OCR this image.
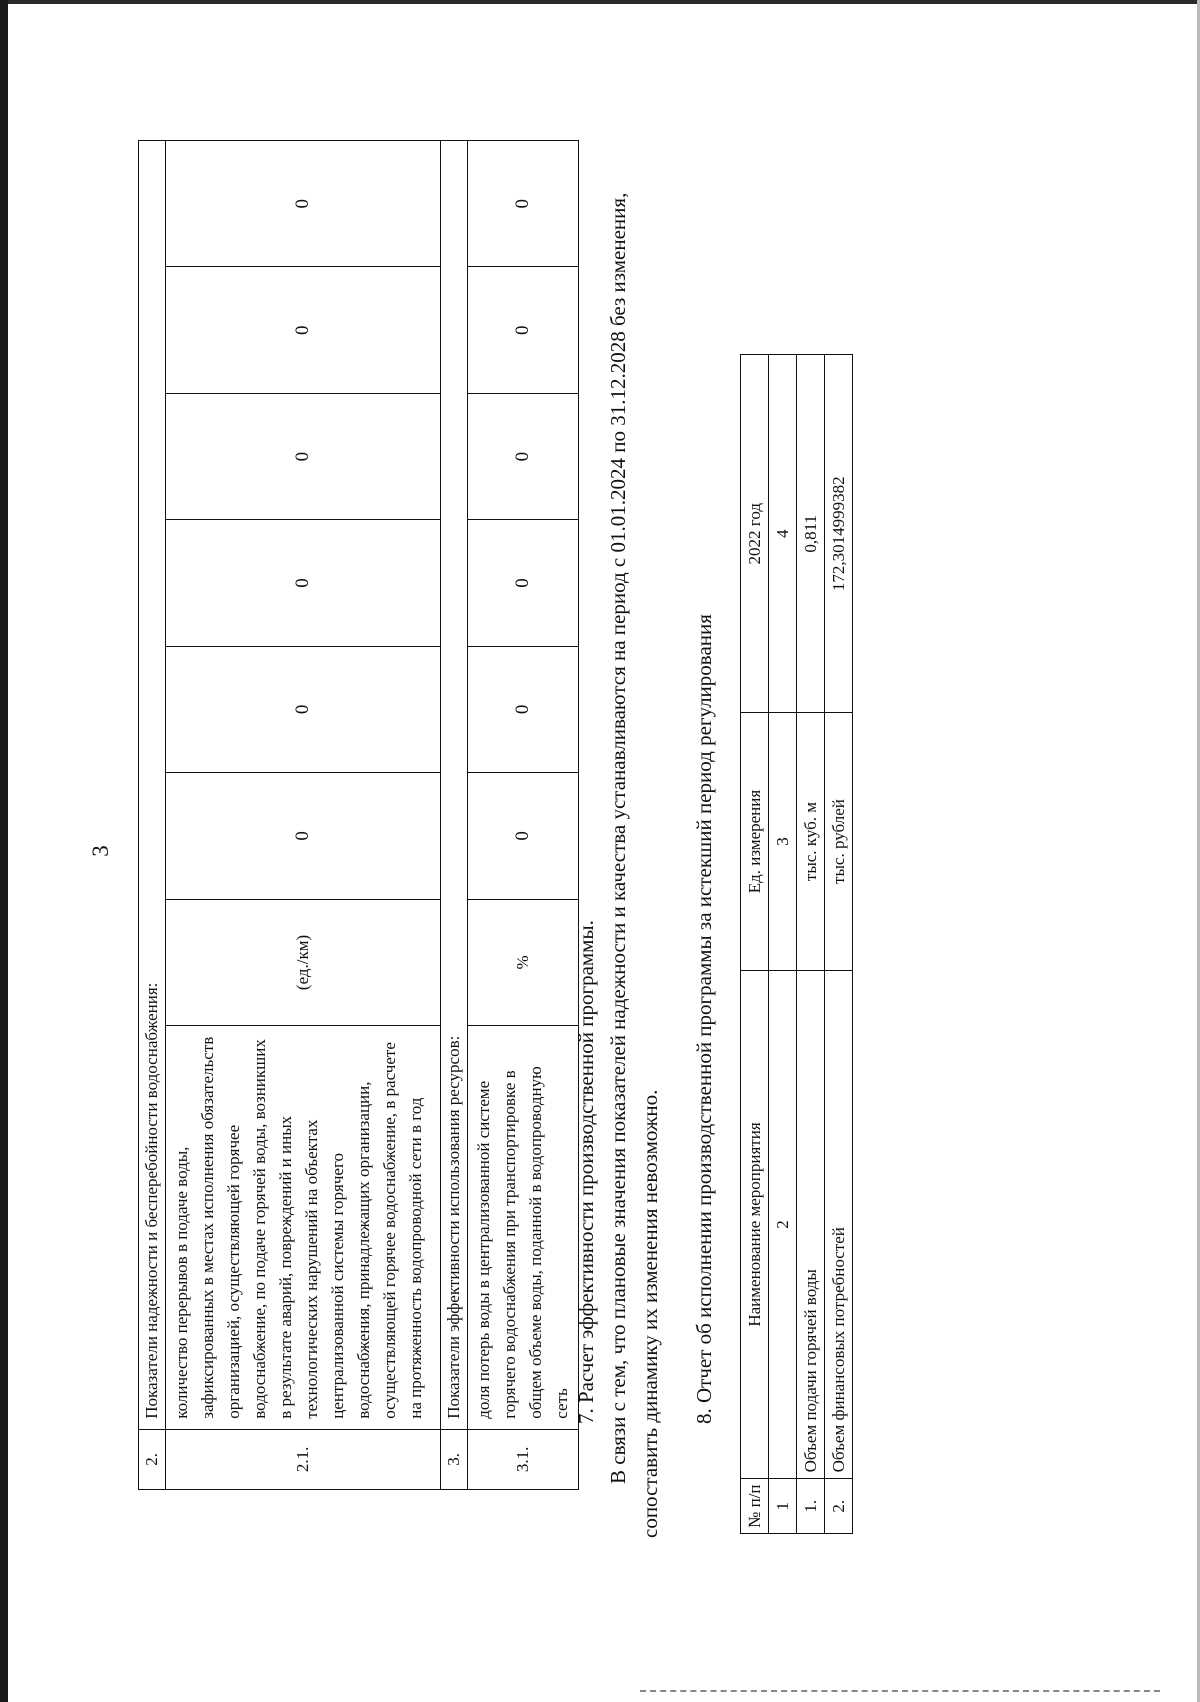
3
2.	Показатели надежности и бесперебойности водоснабжения:							
2.1.	количество перерывов в подаче воды, зафиксированных в местах исполнения обязательств организацией, осуществляющей горячее водоснабжение, по подаче горячей воды, возникших в результате аварий, повреждений и иных технологических нарушений на объектах централизованной системы горячего водоснабжения, принадлежащих организации, осуществляющей горячее водоснабжение, в расчете на протяженность водопроводной сети в год	(ед./км)	0	0	0	0	0	0
3.	Показатели эффективности использования ресурсов:							
3.1.	доля потерь воды в централизованной системе горячего водоснабжения при транспортировке в общем объеме воды, поданной в водопроводную сеть	%	0	0	0	0	0	0
7. Расчет эффективности производственной программы. В связи с тем, что плановые значения показателей надежности и качества устанавливаются на период с 01.01.2024 по 31.12.2028 без изменения, сопоставить динамику их изменения невозможно. 8. Отчет об исполнении производственной программы за истекший период регулирования
№ п/п	Наименование мероприятия	Ед. измерения	2022 год
1	2	3	4
1.	Объем подачи горячей воды	тыс. куб. м	0,811
2.	Объем финансовых потребностей	тыс. рублей	172,3014999382
